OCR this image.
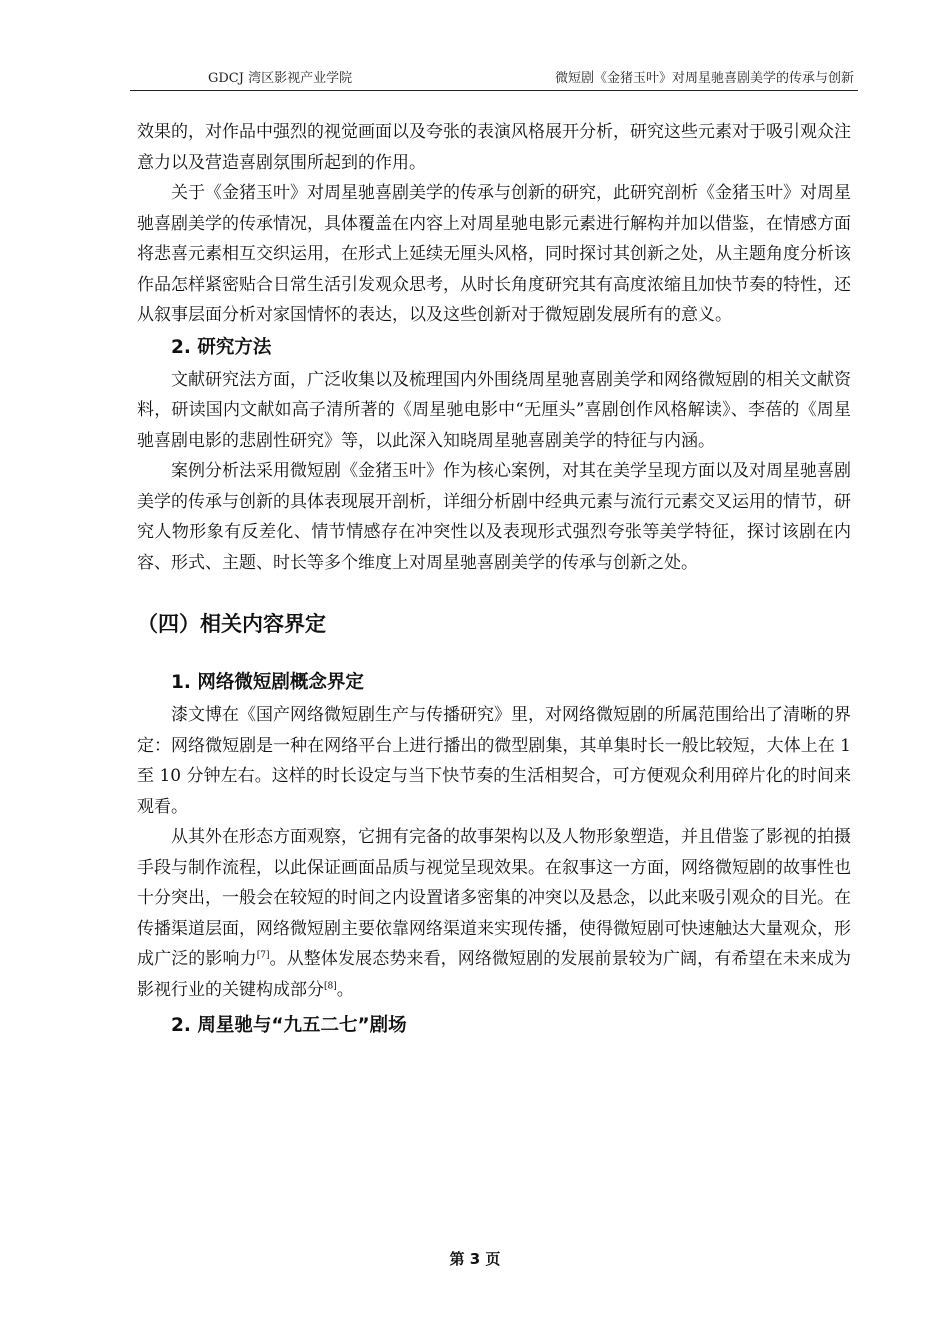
GDCJ 湾区影视产业学院	微短剧《金猪玉叶》对周星驰喜剧美学的传承与创新

效果的，对作品中强烈的视觉画面以及夸张的表演风格展开分析，研究这些元素对于吸引观众注意力以及营造喜剧氛围所起到的作用。

关于《金猪玉叶》对周星驰喜剧美学的传承与创新的研究，此研究剖析《金猪玉叶》对周星驰喜剧美学的传承情况，具体覆盖在内容上对周星驰电影元素进行解构并加以借鉴，在情感方面将悲喜元素相互交织运用，在形式上延续无厘头风格，同时探讨其创新之处，从主题角度分析该作品怎样紧密贴合日常生活引发观众思考，从时长角度研究其有高度浓缩且加快节奏的特性，还从叙事层面分析对家国情怀的表达，以及这些创新对于微短剧发展所有的意义。

2. 研究方法

文献研究法方面，广泛收集以及梳理国内外围绕周星驰喜剧美学和网络微短剧的相关文献资料，研读国内文献如高子清所著的《周星驰电影中“无厘头”喜剧创作风格解读》、李蓓的《周星驰喜剧电影的悲剧性研究》等，以此深入知晓周星驰喜剧美学的特征与内涵。

案例分析法采用微短剧《金猪玉叶》作为核心案例，对其在美学呈现方面以及对周星驰喜剧美学的传承与创新的具体表现展开剖析，详细分析剧中经典元素与流行元素交叉运用的情节，研究人物形象有反差化、情节情感存在冲突性以及表现形式强烈夸张等美学特征，探讨该剧在内容、形式、主题、时长等多个维度上对周星驰喜剧美学的传承与创新之处。

（四）相关内容界定
1. 网络微短剧概念界定

漆文博在《国产网络微短剧生产与传播研究》里，对网络微短剧的所属范围给出了清晰的界定：网络微短剧是一种在网络平台上进行播出的微型剧集，其单集时长一般比较短，大体上在 1 至 10 分钟左右。这样的时长设定与当下快节奏的生活相契合，可方便观众利用碎片化的时间来观看。

从其外在形态方面观察，它拥有完备的故事架构以及人物形象塑造，并且借鉴了影视的拍摄手段与制作流程，以此保证画面品质与视觉呈现效果。在叙事这一方面，网络微短剧的故事性也十分突出，一般会在较短的时间之内设置诸多密集的冲突以及悬念，以此来吸引观众的目光。在传播渠道层面，网络微短剧主要依靠网络渠道来实现传播，使得微短剧可快速触达大量观众，形成广泛的影响力[7]。从整体发展态势来看，网络微短剧的发展前景较为广阔，有希望在未来成为影视行业的关键构成部分[8]。

2. 周星驰与“九五二七”剧场
第 3 页
